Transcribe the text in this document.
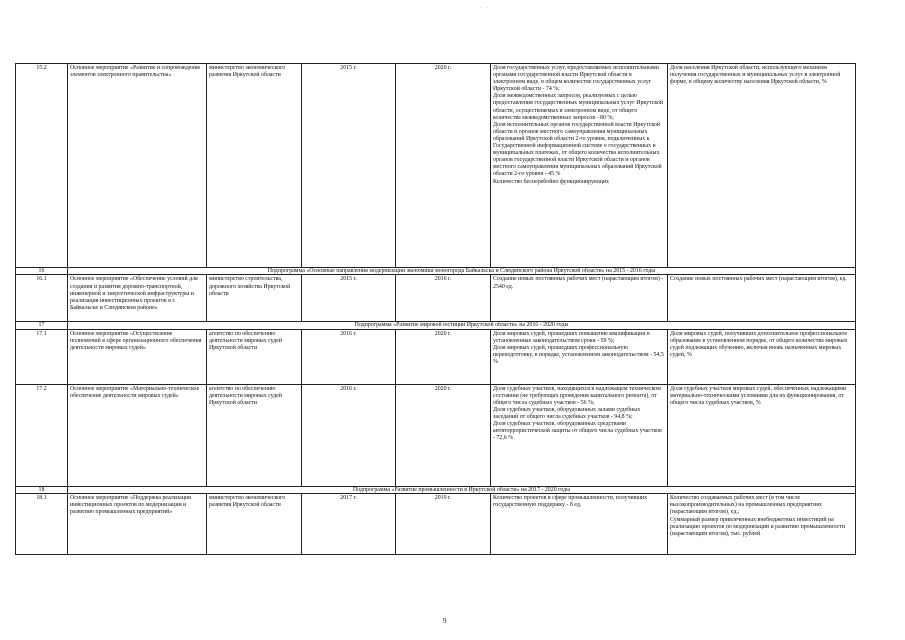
· ·
15.2	Основное мероприятие «Развитие и сопровождение элементов электронного правительства»	министерство экономического развития Иркутской области	2015 г.	2020 г.	Доля государственных услуг, предоставляемых исполнительными органами государственной власти Иркутской области в электронном виде, в общем количестве государственных услуг Иркутской области - 74 %;
Доля межведомственных запросов, реализуемых с целью предоставления государственных муниципальных услуг Иркутской области, осуществляемых в электронном виде, от общего количества межведомственных запросов - 80 %;
Доля исполнительных органов государственной власти Иркутской области и органов местного самоуправления муниципальных образований Иркутской области 2-го уровня, подключенных к Государственной информационной системе о государственных и муниципальных платежах, от общего количества исполнительных органов государственной власти Иркутской области и органов местного самоуправления муниципальных образований Иркутской области 2-го уровня - 45 %
Количество бесперебойно функционирующих	Доля населения Иркутской области, использующего механизм получения государственных и муниципальных услуг в электронной форме, в общему количеству населения Иркутской области, %
16	Подпрограмма «Основные направления модернизации экономики моногорода Байкальска и Слюдянского района Иркутской области» на 2015 - 2016 годы					
16.1	Основное мероприятие «Обеспечение условий для создания и развития дорожно-транспортной, инженерной и энергетической инфраструктуры и реализация инвестиционных проектов в г. Байкальске и Слюдянском районе»	министерство строительства, дорожного хозяйства Иркутской области	2015 г.	2016 г.	Создание новых постоянных рабочих мест (нарастающим итогом) - 2540 ед.	Создание новых постоянных рабочих мест (нарастающим итогом), ед.
17	Подпрограмма «Развитие мировой юстиции Иркутской области» на 2016 - 2020 годы					
17.1	Основное мероприятие «Осуществление полномочий в сфере организационного обеспечения деятельности мировых судей»	агентство по обеспечению деятельности мировых судей Иркутской области	2016 г.	2020 г.	Доля мировых судей, прошедших повышение квалификации в установленные законодательством сроки - 59 %;
Доля мировых судей, прошедших профессиональную переподготовку, в порядке, установленном законодательством - 54,5 %	Доля мировых судей, получивших дополнительное профессиональное образование в установленном порядке, от общего количества мировых судей подлежащих обучению, включая вновь назначенных мировых судей, %
17.2	Основное мероприятие «Материально-техническое обеспечение деятельности мировых судей»	агентство по обеспечению деятельности мировых судей Иркутской области	2016 г.	2020 г.	Доля судебных участков, находящихся в надлежащем техническом состоянии (не требующих проведения капитального ремонта), от общего числа судебных участков - 56 %;
Доля судебных участков, оборудованных залами судебных заседаний от общего числа судебных участков - 94,8 %;
Доля судебных участков, оборудованных средствами антитеррористической защиты от общего числа судебных участков - 72,6 %	Доля судебных участков мировых судей, обеспеченных надлежащими материально-техническими условиями для их функционирования, от общего числа судебных участков, %
18	Подпрограмма «Развитие промышленности в Иркутской области» на 2017 - 2020 годы					
18.1	Основное мероприятие «Поддержка реализации инвестиционных проектов по модернизации и развитию промышленных предприятий»	министерство экономического развития Иркутской области	2017 г.	2019 г.	Количество проектов в сфере промышленности, получивших государственную поддержку - 8 ед.	Количество создаваемых рабочих мест (в том числе высокопроизводительных) на промышленных предприятиях (нарастающим итогом), ед.;
Суммарный размер привлеченных внебюджетных инвестиций на реализацию проектов по модернизации и развитию промышленности (нарастающим итогом), тыс. рублей
9
